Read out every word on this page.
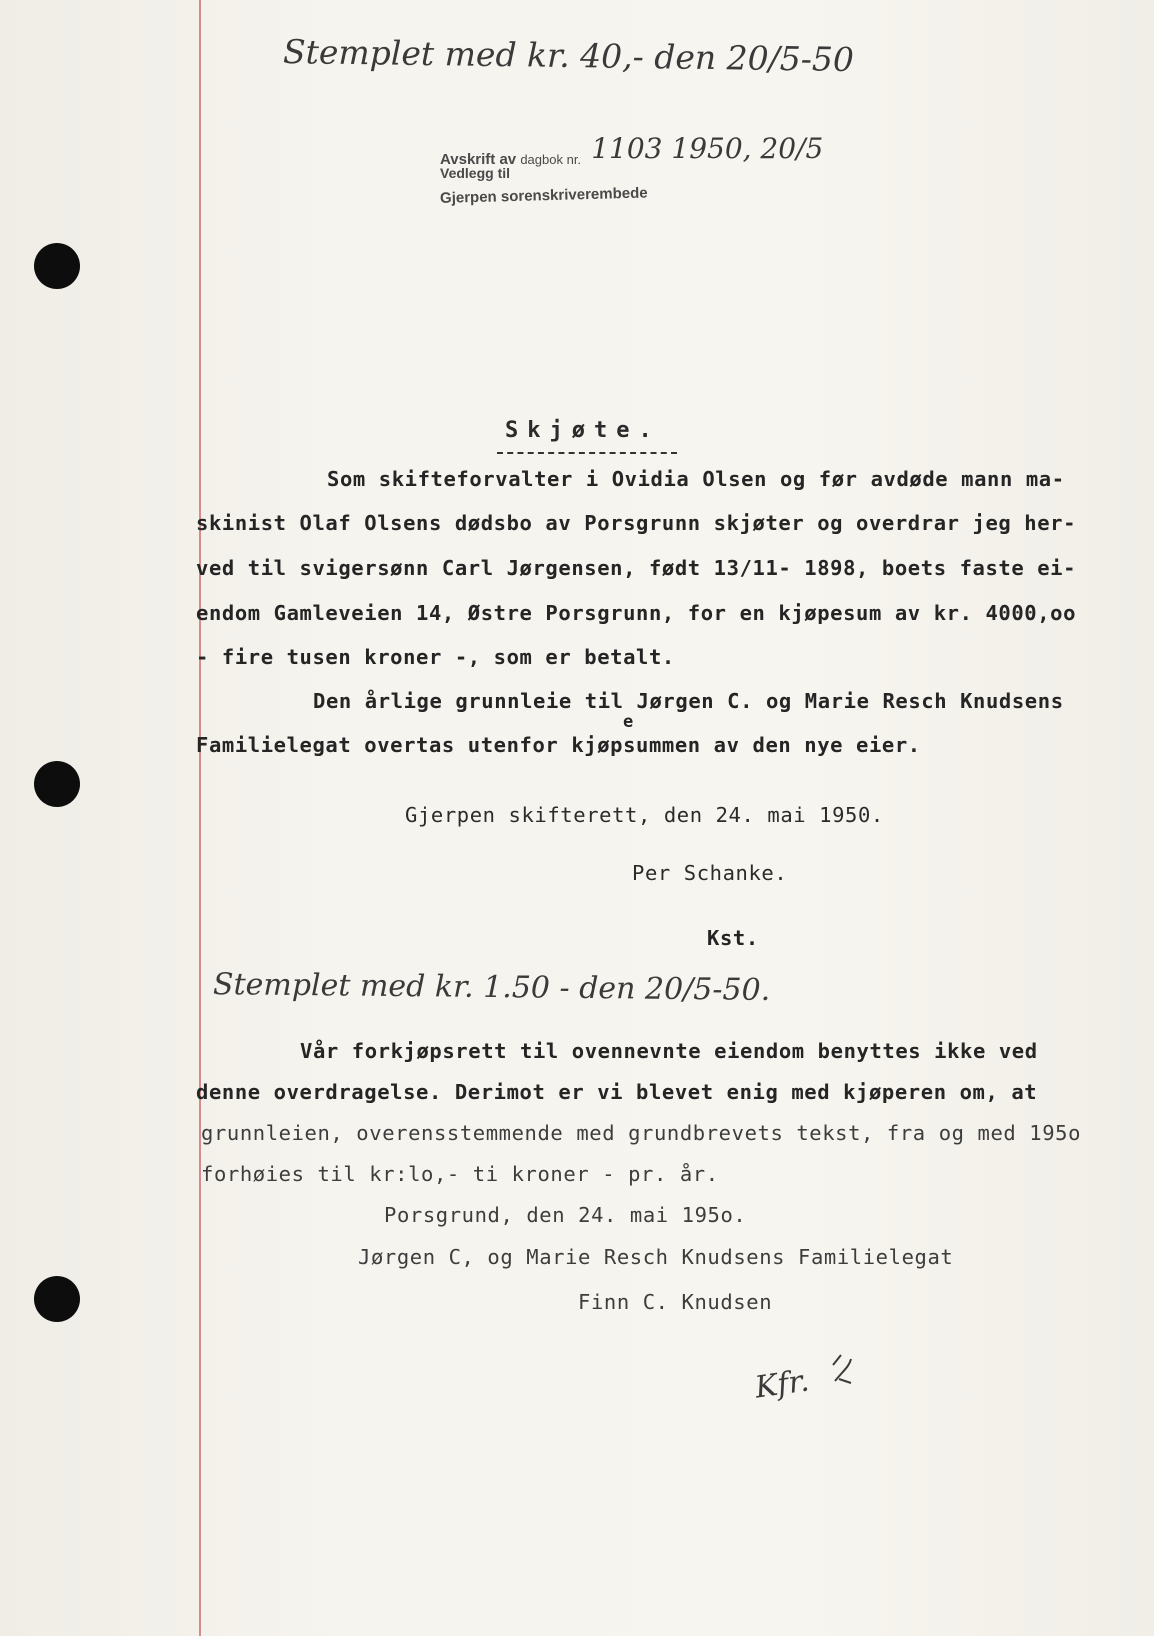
Stemplet med kr. 40,- den 20/5-50
Avskrift av dagbok nr. 1103 1950, 20/5
Vedlegg til
Gjerpen sorenskriverembede
Skjøte.
Som skifteforvalter i Ovidia Olsen og før avdøde mann ma-
skinist Olaf Olsens dødsbo av Porsgrunn skjøter og overdrar jeg her-
ved til svigersønn Carl Jørgensen, født 13/11- 1898, boets faste ei-
endom Gamleveien 14, Østre Porsgrunn, for en kjøpesum av kr. 4000,oo
- fire tusen kroner -, som er betalt.
Den årlige grunnleie til Jørgen C. og Marie Resch Knudsens
e
Familielegat overtas utenfor kjøpsummen av den nye eier.
Gjerpen skifterett, den 24. mai 1950.
Per Schanke.
Kst.
Stemplet med kr. 1.50 - den 20/5-50.
Vår forkjøpsrett til ovennevnte eiendom benyttes ikke ved
denne overdragelse. Derimot er vi blevet enig med kjøperen om, at
grunnleien, overensstemmende med grundbrevets tekst, fra og med 195o
forhøies til kr:lo,- ti kroner - pr. år.
Porsgrund, den 24. mai 195o.
Jørgen C, og Marie Resch Knudsens Familielegat
Finn C. Knudsen
Kfr.
